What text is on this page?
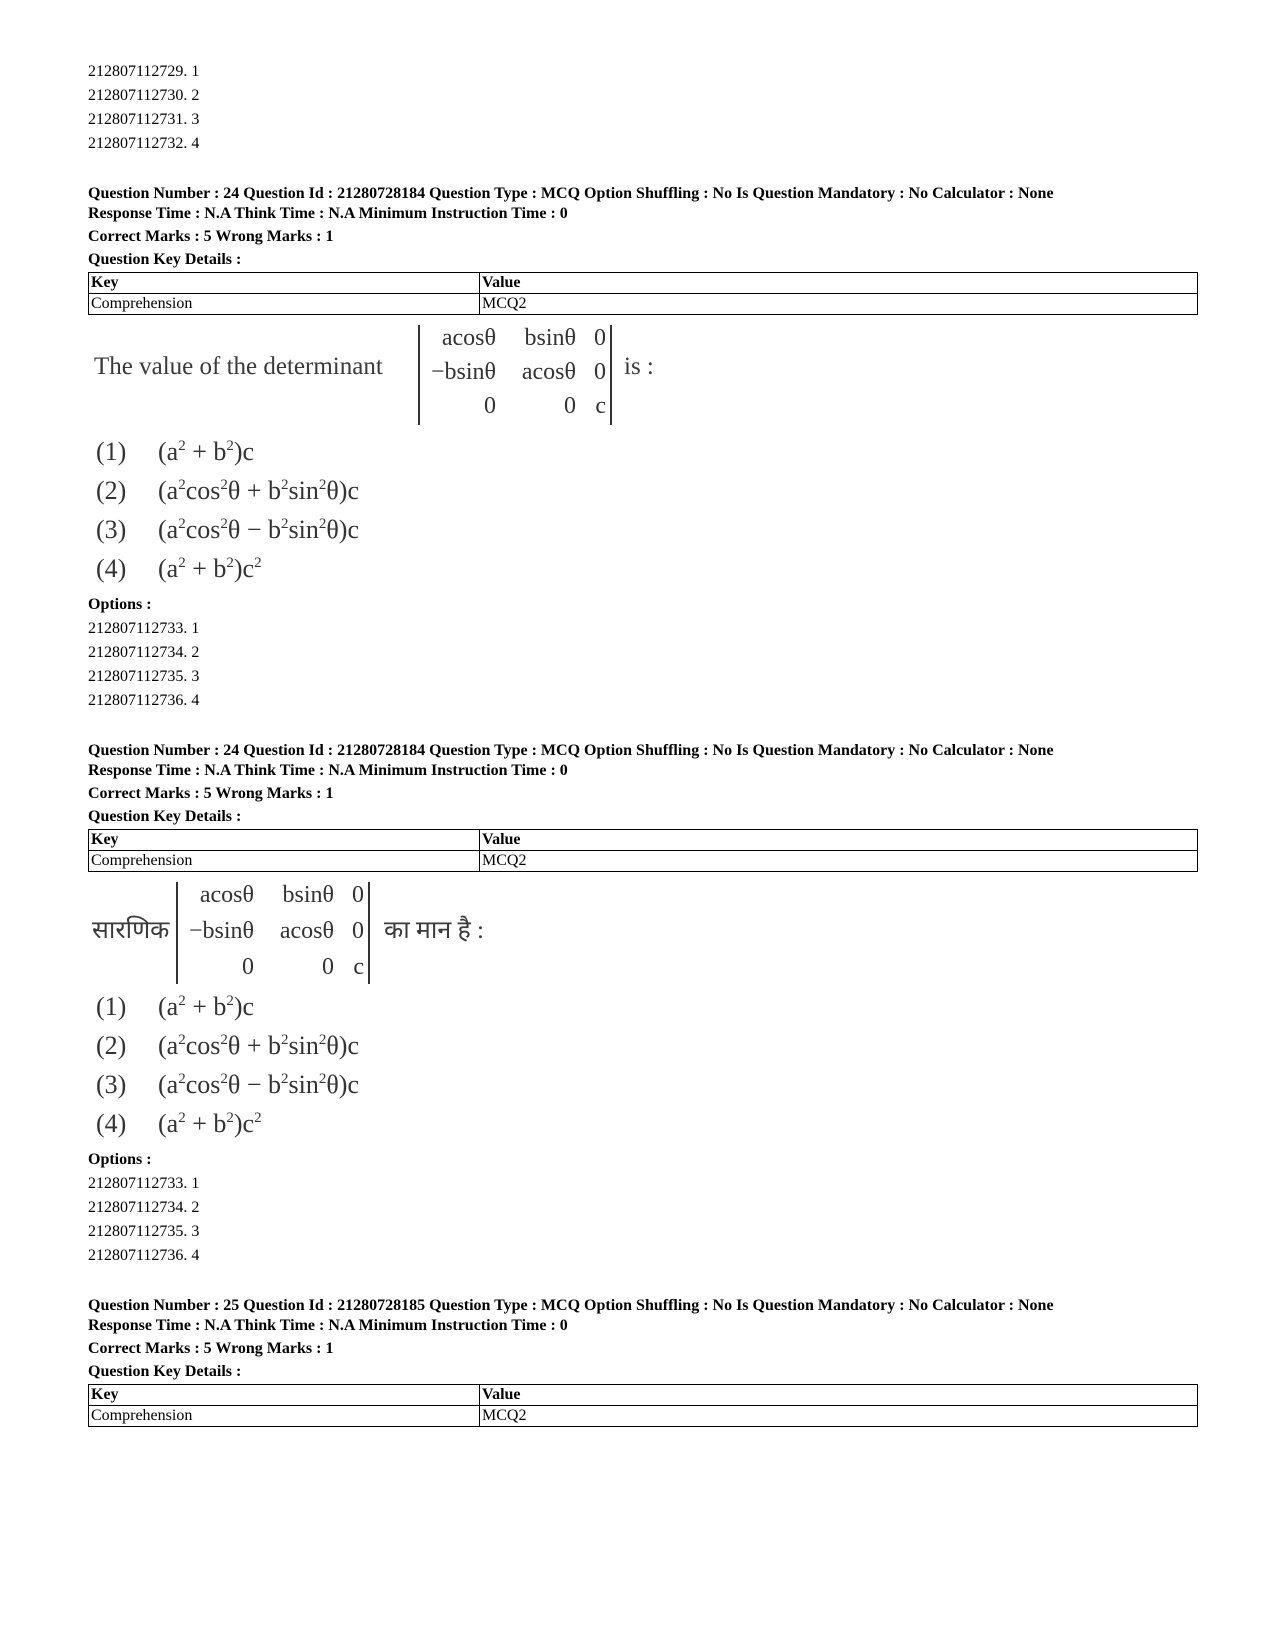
212807112729. 1
212807112730. 2
212807112731. 3
212807112732. 4
Question Number : 24 Question Id : 21280728184 Question Type : MCQ Option Shuffling : No Is Question Mandatory : No Calculator : None
Response Time : N.A Think Time : N.A Minimum Instruction Time : 0
Correct Marks : 5 Wrong Marks : 1
Question Key Details :
Key	Value
Comprehension	MCQ2
The value of the determinant
acosθ	bsinθ 0
−bsinθ	acosθ 0
0	0 c
is :
(1) $(a^2 + b^2)c$
(2) $(a^2\cos^2\theta + b^2\sin^2\theta)c$
(3) $(a^2\cos^2\theta - b^2\sin^2\theta)c$
(4) $(a^2 + b^2)c^2$
Options :
212807112733. 1
212807112734. 2
212807112735. 3
212807112736. 4
Question Number : 24 Question Id : 21280728184 Question Type : MCQ Option Shuffling : No Is Question Mandatory : No Calculator : None
Response Time : N.A Think Time : N.A Minimum Instruction Time : 0
Correct Marks : 5 Wrong Marks : 1
Question Key Details :
Key	Value
Comprehension	MCQ2
सारणिक
acosθ	bsinθ 0
−bsinθ	acosθ 0
0	0 c
का मान है :
(1) $(a^2 + b^2)c$
(2) $(a^2\cos^2\theta + b^2\sin^2\theta)c$
(3) $(a^2\cos^2\theta - b^2\sin^2\theta)c$
(4) $(a^2 + b^2)c^2$
Options :
212807112733. 1
212807112734. 2
212807112735. 3
212807112736. 4
Question Number : 25 Question Id : 21280728185 Question Type : MCQ Option Shuffling : No Is Question Mandatory : No Calculator : None
Response Time : N.A Think Time : N.A Minimum Instruction Time : 0
Correct Marks : 5 Wrong Marks : 1
Question Key Details :
Key	Value
Comprehension	MCQ2
